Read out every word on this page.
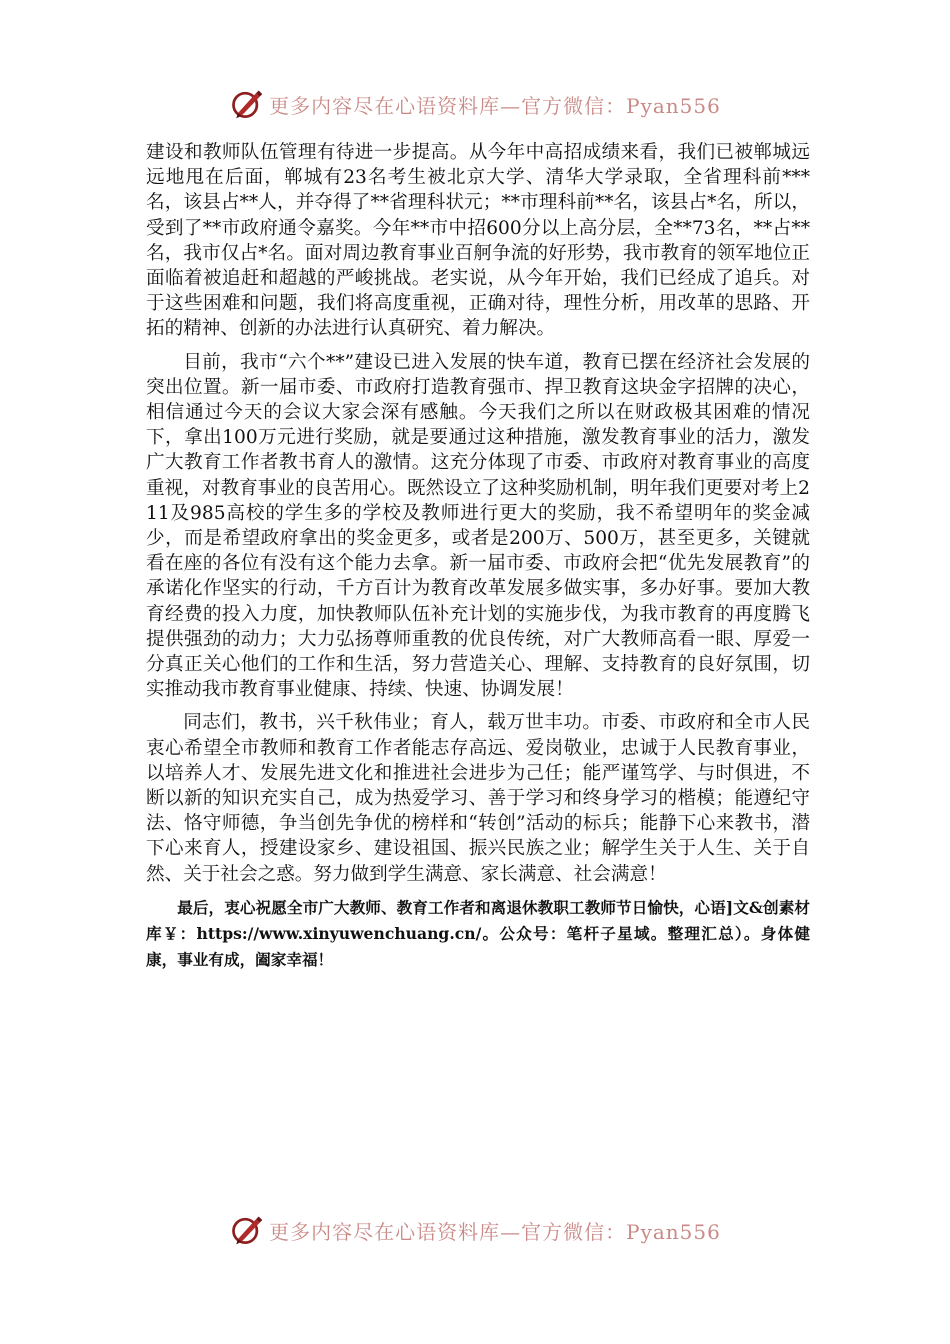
更多内容尽在心语资料库—官方微信：Pyan556

建设和教师队伍管理有待进一步提高。从今年中高招成绩来看，我们已被郸城远远地甩在后面，郸城有23名考生被北京大学、清华大学录取，全省理科前***名，该县占**人，并夺得了**省理科状元；**市理科前**名，该县占*名，所以，受到了**市政府通令嘉奖。今年**市中招600分以上高分层，全**73名，**占**名，我市仅占*名。面对周边教育事业百舸争流的好形势，我市教育的领军地位正面临着被追赶和超越的严峻挑战。老实说，从今年开始，我们已经成了追兵。对于这些困难和问题，我们将高度重视，正确对待，理性分析，用改革的思路、开拓的精神、创新的办法进行认真研究、着力解决。

目前，我市“六个**”建设已进入发展的快车道，教育已摆在经济社会发展的突出位置。新一届市委、市政府打造教育强市、捍卫教育这块金字招牌的决心，相信通过今天的会议大家会深有感触。今天我们之所以在财政极其困难的情况下，拿出100万元进行奖励，就是要通过这种措施，激发教育事业的活力，激发广大教育工作者教书育人的激情。这充分体现了市委、市政府对教育事业的高度重视，对教育事业的良苦用心。既然设立了这种奖励机制，明年我们更要对考上211及985高校的学生多的学校及教师进行更大的奖励，我不希望明年的奖金减少，而是希望政府拿出的奖金更多，或者是200万、500万，甚至更多，关键就看在座的各位有没有这个能力去拿。新一届市委、市政府会把“优先发展教育”的承诺化作坚实的行动，千方百计为教育改革发展多做实事，多办好事。要加大教育经费的投入力度，加快教师队伍补充计划的实施步伐，为我市教育的再度腾飞提供强劲的动力；大力弘扬尊师重教的优良传统，对广大教师高看一眼、厚爱一分真正关心他们的工作和生活，努力营造关心、理解、支持教育的良好氛围，切实推动我市教育事业健康、持续、快速、协调发展！

同志们，教书，兴千秋伟业；育人，载万世丰功。市委、市政府和全市人民衷心希望全市教师和教育工作者能志存高远、爱岗敬业，忠诚于人民教育事业，以培养人才、发展先进文化和推进社会进步为己任；能严谨笃学、与时俱进，不断以新的知识充实自己，成为热爱学习、善于学习和终身学习的楷模；能遵纪守法、恪守师德，争当创先争优的榜样和“转创”活动的标兵；能静下心来教书，潜下心来育人，授建设家乡、建设祖国、振兴民族之业；解学生关于人生、关于自然、关于社会之惑。努力做到学生满意、家长满意、社会满意！

最后，衷心祝愿全市广大教师、教育工作者和离退休教职工教师节日愉快，心语]文&创素材库￥：https://www.xinyuwenchuang.cn/。公众号：笔杆子星域。整理汇总）。身体健康，事业有成，阖家幸福！

更多内容尽在心语资料库—官方微信：Pyan556
